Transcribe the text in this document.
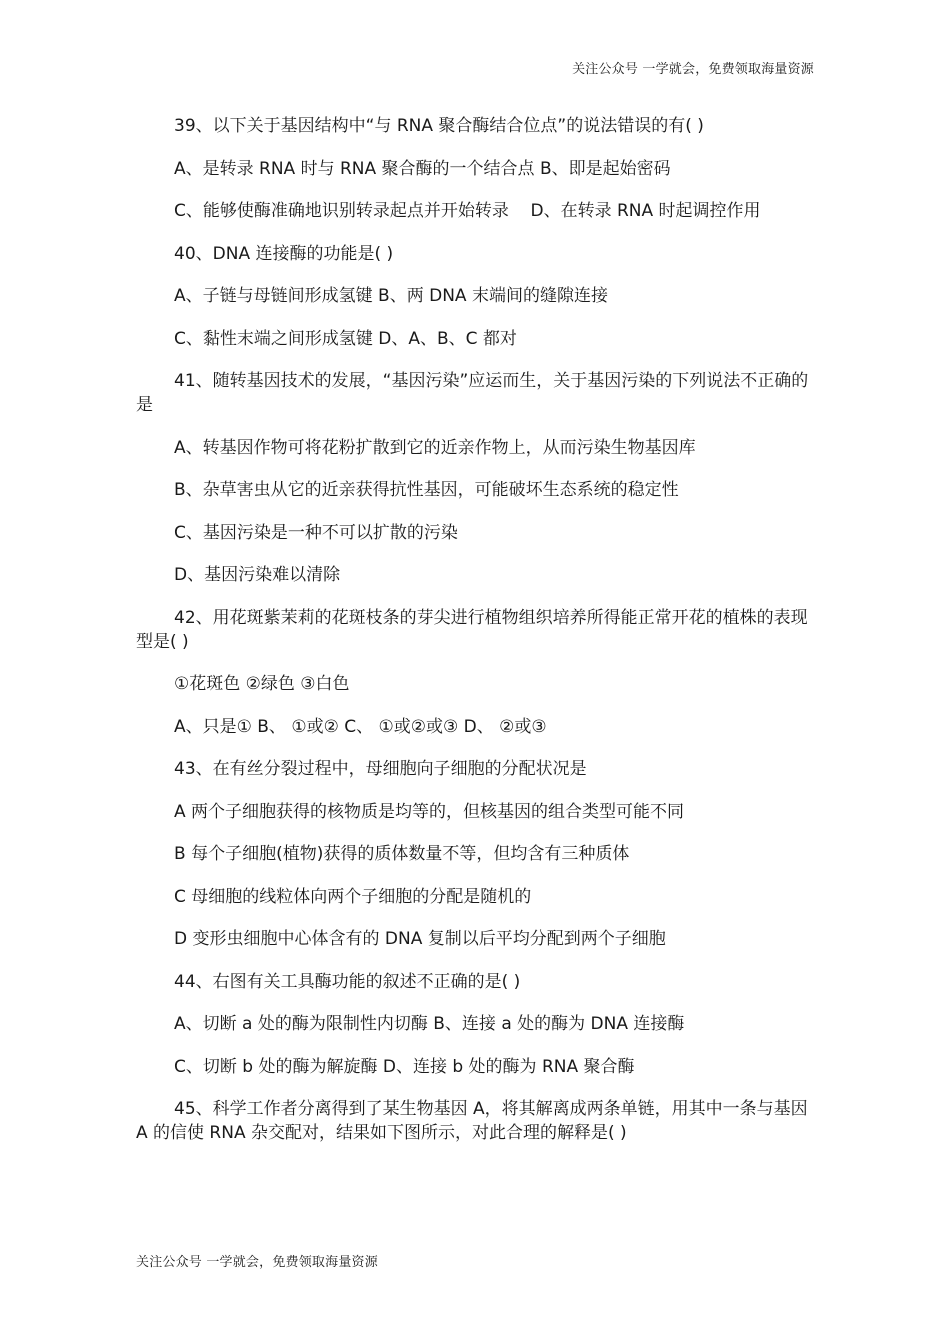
关注公众号 一学就会，免费领取海量资源

39、以下关于基因结构中“与 RNA 聚合酶结合位点”的说法错误的有( )

A、是转录 RNA 时与 RNA 聚合酶的一个结合点 B、即是起始密码

C、能够使酶准确地识别转录起点并开始转录    D、在转录 RNA 时起调控作用

40、DNA 连接酶的功能是( )

A、子链与母链间形成氢键 B、两 DNA 末端间的缝隙连接

C、黏性末端之间形成氢键 D、A、B、C 都对

41、随转基因技术的发展，“基因污染”应运而生，关于基因污染的下列说法不正确的是

A、转基因作物可将花粉扩散到它的近亲作物上，从而污染生物基因库

B、杂草害虫从它的近亲获得抗性基因，可能破坏生态系统的稳定性

C、基因污染是一种不可以扩散的污染

D、基因污染难以清除

42、用花斑紫茉莉的花斑枝条的芽尖进行植物组织培养所得能正常开花的植株的表现型是( )

①花斑色 ②绿色 ③白色

A、只是① B、 ①或② C、 ①或②或③ D、 ②或③

43、在有丝分裂过程中，母细胞向子细胞的分配状况是

A 两个子细胞获得的核物质是均等的，但核基因的组合类型可能不同

B 每个子细胞(植物)获得的质体数量不等，但均含有三种质体

C 母细胞的线粒体向两个子细胞的分配是随机的

D 变形虫细胞中心体含有的 DNA 复制以后平均分配到两个子细胞

44、右图有关工具酶功能的叙述不正确的是( )

A、切断 a 处的酶为限制性内切酶 B、连接 a 处的酶为 DNA 连接酶

C、切断 b 处的酶为解旋酶 D、连接 b 处的酶为 RNA 聚合酶

45、科学工作者分离得到了某生物基因 A，将其解离成两条单链，用其中一条与基因 A 的信使 RNA 杂交配对，结果如下图所示，对此合理的解释是( )

关注公众号 一学就会，免费领取海量资源
